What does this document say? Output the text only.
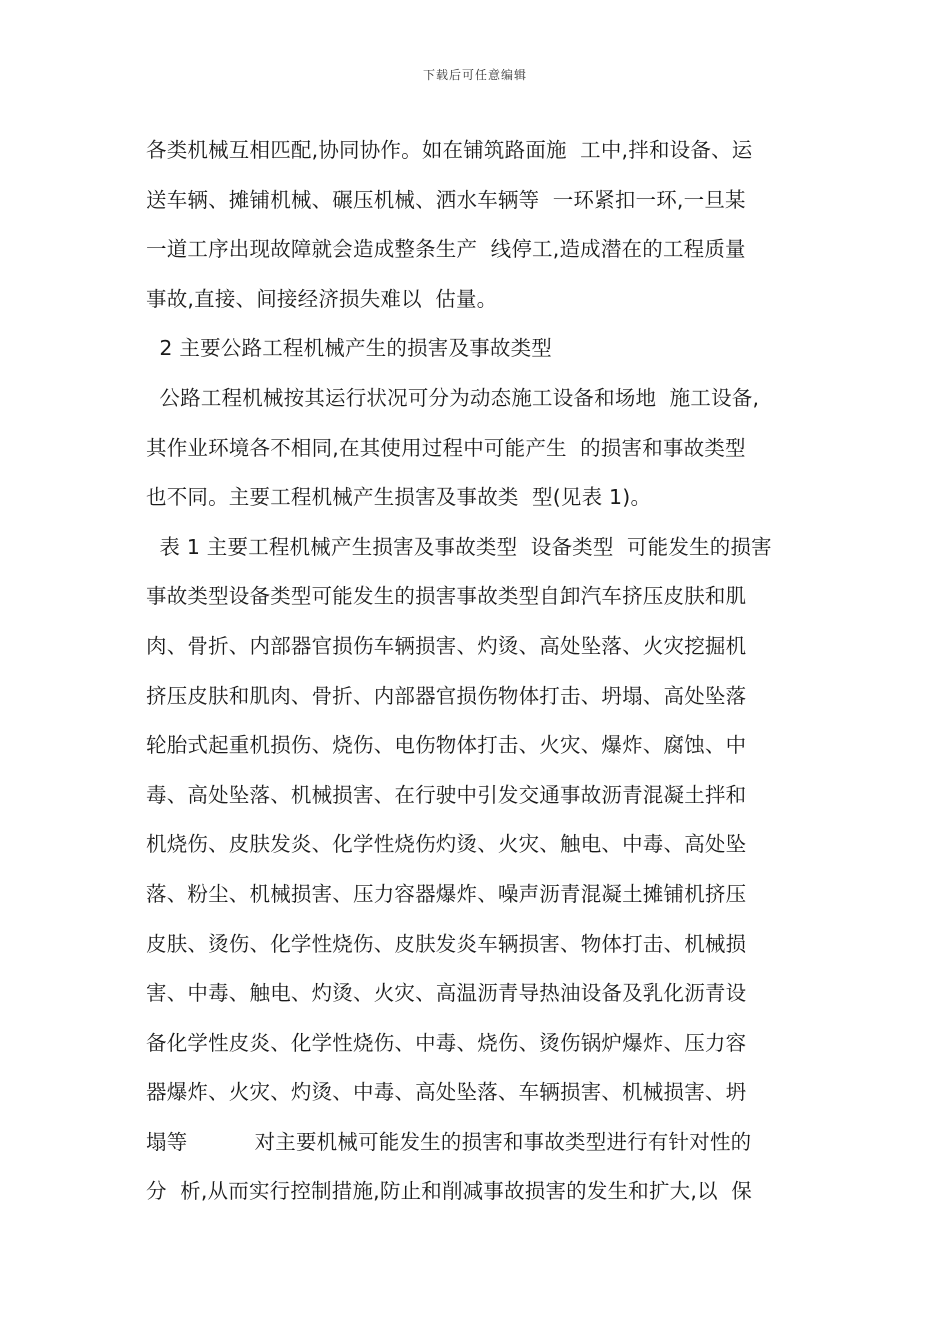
下载后可任意编辑
各类机械互相匹配,协同协作。如在铺筑路面施  工中,拌和设备、运
送车辆、摊铺机械、碾压机械、洒水车辆等  一环紧扣一环,一旦某
一道工序出现故障就会造成整条生产  线停工,造成潜在的工程质量
事故,直接、间接经济损失难以  估量。
2 主要公路工程机械产生的损害及事故类型
公路工程机械按其运行状况可分为动态施工设备和场地  施工设备,
其作业环境各不相同,在其使用过程中可能产生  的损害和事故类型
也不同。主要工程机械产生损害及事故类  型(见表 1)。
表 1 主要工程机械产生损害及事故类型  设备类型  可能发生的损害
事故类型设备类型可能发生的损害事故类型自卸汽车挤压皮肤和肌
肉、骨折、内部器官损伤车辆损害、灼烫、高处坠落、火灾挖掘机
挤压皮肤和肌肉、骨折、内部器官损伤物体打击、坍塌、高处坠落
轮胎式起重机损伤、烧伤、电伤物体打击、火灾、爆炸、腐蚀、中
毒、高处坠落、机械损害、在行驶中引发交通事故沥青混凝土拌和
机烧伤、皮肤发炎、化学性烧伤灼烫、火灾、触电、中毒、高处坠
落、粉尘、机械损害、压力容器爆炸、噪声沥青混凝土摊铺机挤压
皮肤、烫伤、化学性烧伤、皮肤发炎车辆损害、物体打击、机械损
害、中毒、触电、灼烫、火灾、高温沥青导热油设备及乳化沥青设
备化学性皮炎、化学性烧伤、中毒、烧伤、烫伤锅炉爆炸、压力容
器爆炸、火灾、灼烫、中毒、高处坠落、车辆损害、机械损害、坍
塌等          对主要机械可能发生的损害和事故类型进行有针对性的
分  析,从而实行控制措施,防止和削减事故损害的发生和扩大,以  保
